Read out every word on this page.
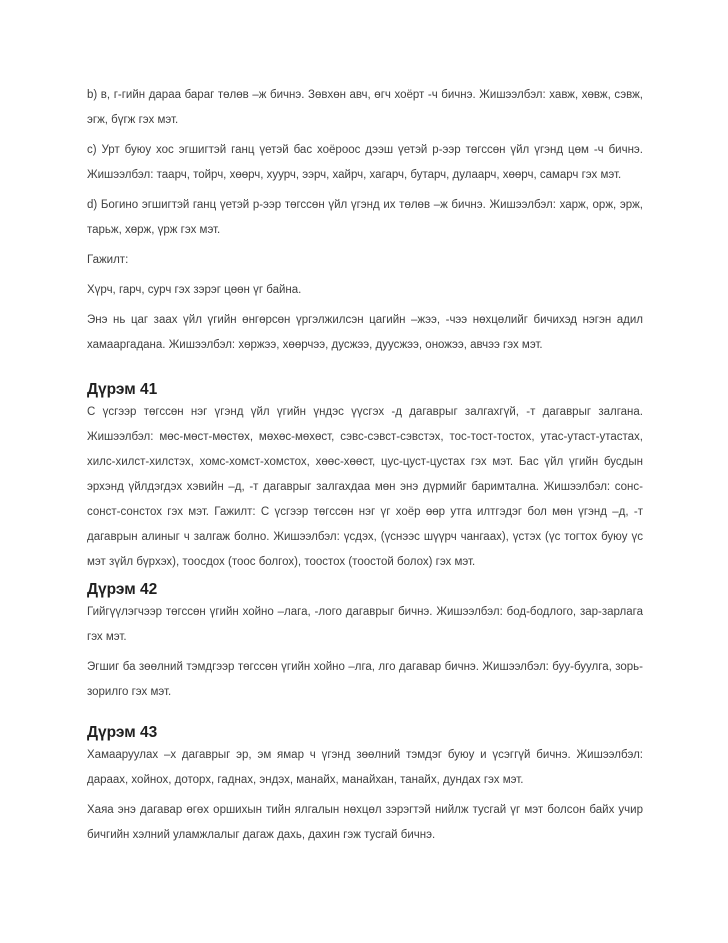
b) в, г-гийн дараа бараг төлөв –ж бичнэ. Зөвхөн авч, өгч хоёрт -ч бичнэ. Жишээлбэл: хавж, хөвж, сэвж, эгж, бүгж гэх мэт.

c) Урт буюу хос эгшигтэй ганц үетэй бас хоёроос дээш үетэй р-ээр төгссөн үйл үгэнд цөм -ч бичнэ. Жишээлбэл: таарч, тойрч, хөөрч, хуурч, ээрч, хайрч, хагарч, бутарч, дулаарч, хөөрч, самарч гэх мэт.

d) Богино эгшигтэй ганц үетэй р-ээр төгссөн үйл үгэнд их төлөв –ж бичнэ. Жишээлбэл: харж, орж, эрж, тарьж, хөрж, үрж гэх мэт.

Гажилт:

Хүрч, гарч, сурч гэх зэрэг цөөн үг байна.

Энэ нь цаг заах үйл үгийн өнгөрсөн үргэлжилсэн цагийн –жээ, -чээ нөхцөлийг бичихэд нэгэн адил хамааргадана. Жишээлбэл: хөржээ, хөөрчээ, дусжээ, дуусжээ, оножээ, авчээ гэх мэт.

Дүрэм 41

С үсгээр төгссөн нэг үгэнд үйл үгийн үндэс үүсгэх -д дагаврыг залгахгүй, -т дагаврыг залгана. Жишээлбэл: мөс-мөст-мөстөх, мөхөс-мөхөст, сэвс-сэвст-сэвстэх, тос-тост-тостох, утас-утаст-утастах, хилс-хилст-хилстэх, хомс-хомст-хомстох, хөөс-хөөст, цус-цуст-цустах гэх мэт. Бас үйл үгийн бусдын эрхэнд үйлдэгдэх хэвийн –д, -т дагаврыг залгахдаа мөн энэ дүрмийг баримтална. Жишээлбэл: сонс-сонст-сонстох гэх мэт. Гажилт: С үсгээр төгссөн нэг үг хоёр өөр утга илтгэдэг бол мөн үгэнд –д, -т дагаврын алиныг ч залгаж болно. Жишээлбэл: үсдэх, (үснээс шүүрч чангаах), үстэх (үс тогтох буюу үс мэт зүйл бүрхэх), тоосдох (тоос болгох), тоостох (тоостой болох) гэх мэт.

Дүрэм 42

Гийгүүлэгчээр төгссөн үгийн хойно –лага, -лого дагаврыг бичнэ. Жишээлбэл: бод-бодлого, зар-зарлага гэх мэт.

Эгшиг ба зөөлний тэмдгээр төгссөн үгийн хойно –лга, лго дагавар бичнэ. Жишээлбэл: буу-буулга, зорь-зорилго гэх мэт.

Дүрэм 43

Хамааруулах –х дагаврыг эр, эм ямар ч үгэнд зөөлний тэмдэг буюу и үсэггүй бичнэ. Жишээлбэл: дараах, хойнох, доторх, гаднах, эндэх, манайх, манайхан, танайх, дундах гэх мэт.

Хаяа энэ дагавар өгөх оршихын тийн ялгалын нөхцөл зэрэгтэй нийлж тусгай үг мэт болсон байх учир бичгийн хэлний уламжлалыг дагаж дахь, дахин гэж тусгай бичнэ.
